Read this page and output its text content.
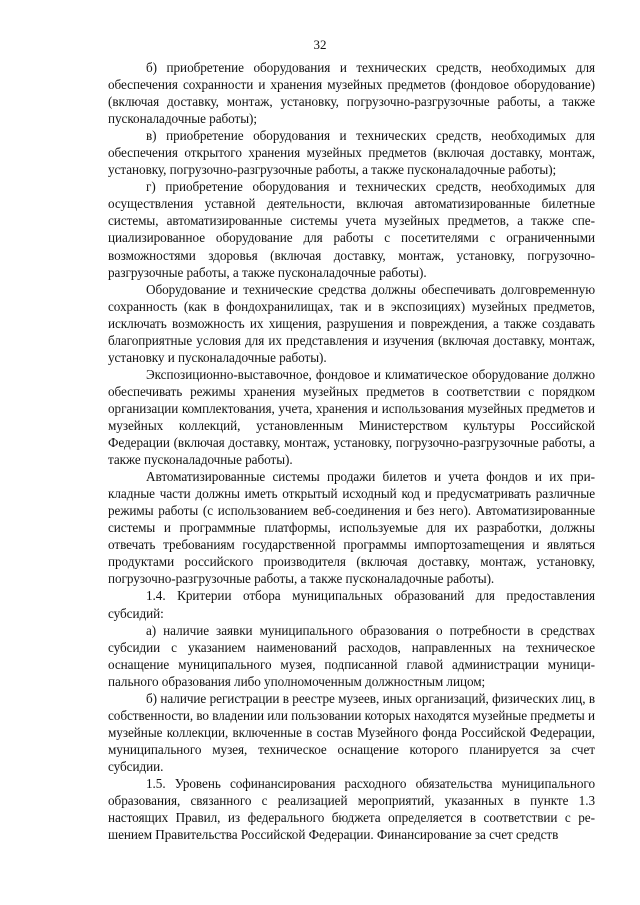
32

б) приобретение оборудования и технических средств, необходимых для обеспечения сохранности и хранения музейных предметов (фондовое оборудование) (включая доставку, монтаж, установку, погрузочно-разгрузочные работы, а также пусконаладочные работы);

в) приобретение оборудования и технических средств, необходимых для обеспечения открытого хранения музейных предметов (включая доставку, монтаж, установку, погрузочно-разгрузочные работы, а также пусконаладочные работы);

г) приобретение оборудования и технических средств, необходимых для осуществления уставной деятельности, включая автоматизированные билетные системы, автоматизированные системы учета музейных предметов, а также специализированное оборудование для работы с посетителями с ограниченными возможностями здоровья (включая доставку, монтаж, установку, погрузочно-разгрузочные работы, а также пусконаладочные работы).

Оборудование и технические средства должны обеспечивать долговременную сохранность (как в фондохранилищах, так и в экспозициях) музейных предметов, исключать возможность их хищения, разрушения и повреждения, а также создавать благоприятные условия для их представления и изучения (включая доставку, монтаж, установку и пусконаладочные работы).

Экспозиционно-выставочное, фондовое и климатическое оборудование должно обеспечивать режимы хранения музейных предметов в соответствии с порядком организации комплектования, учета, хранения и использования музейных предметов и музейных коллекций, установленным Министерством культуры Российской Федерации (включая доставку, монтаж, установку, погрузочно-разгрузочные работы, а также пусконаладочные работы).

Автоматизированные системы продажи билетов и учета фондов и их прикладные части должны иметь открытый исходный код и предусматривать различные режимы работы (с использованием веб-соединения и без него). Автоматизированные системы и программные платформы, используемые для их разработки, должны отвечать требованиям государственной программы импортозаmещения и являться продуктами российского производителя (включая доставку, монтаж, установку, погрузочно-разгрузочные работы, а также пусконаладочные работы).

1.4. Критерии отбора муниципальных образований для предоставления субсидий:

а) наличие заявки муниципального образования о потребности в средствах субсидии с указанием наименований расходов, направленных на техническое оснащение муниципального музея, подписанной главой администрации муниципального образования либо уполномоченным должностным лицом;

б) наличие регистрации в реестре музеев, иных организаций, физических лиц, в собственности, во владении или пользовании которых находятся музейные предметы и музейные коллекции, включенные в состав Музейного фонда Российской Федерации, муниципального музея, техническое оснащение которого планируется за счет субсидии.

1.5. Уровень софинансирования расходного обязательства муниципального образования, связанного с реализацией мероприятий, указанных в пункте 1.3 настоящих Правил, из федерального бюджета определяется в соответствии с решением Правительства Российской Федерации. Финансирование за счет средств
